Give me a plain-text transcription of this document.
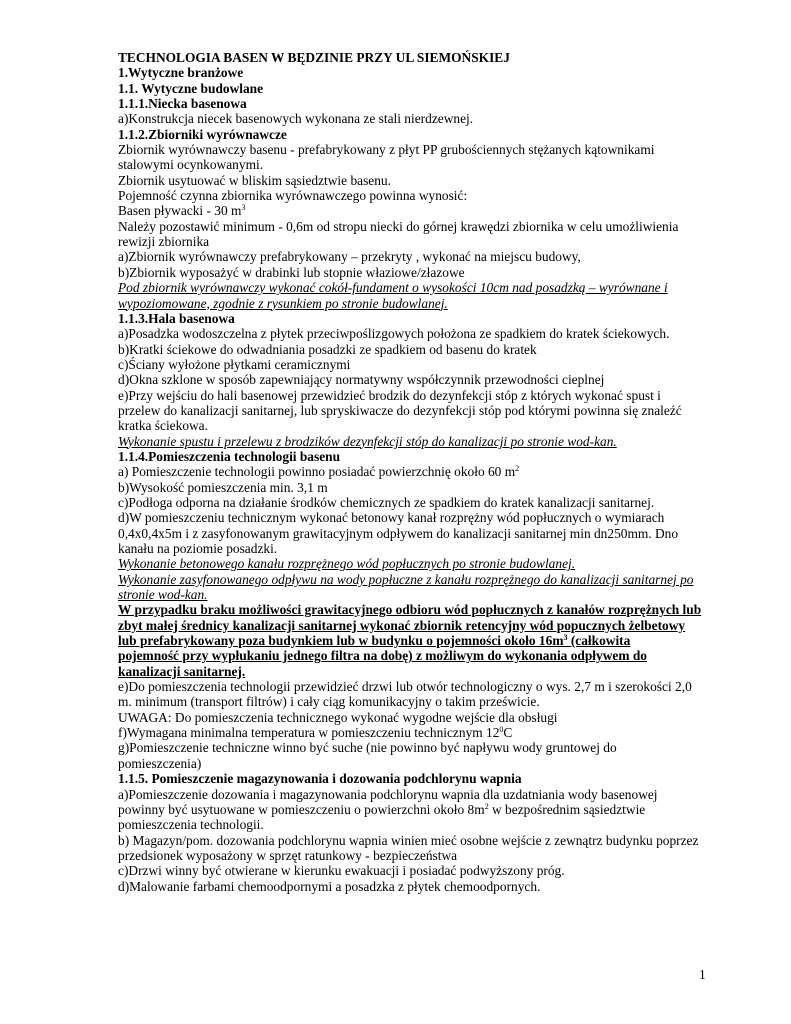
TECHNOLOGIA BASEN W BĘDZINIE PRZY UL SIEMOŃSKIEJ
1.Wytyczne branżowe
1.1. Wytyczne budowlane
1.1.1.Niecka basenowa
a)Konstrukcja niecek basenowych wykonana ze stali nierdzewnej.
1.1.2.Zbiorniki wyrównawcze
Zbiornik wyrównawczy basenu - prefabrykowany z płyt PP grubościennych stężanych kątownikami
stalowymi ocynkowanymi.
Zbiornik usytuować w bliskim sąsiedztwie basenu.
Pojemność czynna zbiornika wyrównawczego powinna wynosić:
Basen pływacki - 30 $m^3$
Należy pozostawić minimum - 0,6m od stropu niecki do górnej krawędzi zbiornika w celu umożliwienia
rewizji zbiornika
a)Zbiornik wyrównawczy prefabrykowany – przekryty , wykonać na miejscu budowy,
b)Zbiornik wyposażyć w drabinki lub stopnie właziowe/złazowe
Pod zbiornik wyrównawczy wykonać cokół-fundament o wysokości 10cm nad posadzką – wyrównane i
wypoziomowane, zgodnie z rysunkiem po stronie budowlanej.
1.1.3.Hala basenowa
a)Posadzka wodoszczelna z płytek przeciwpoślizgowych położona ze spadkiem do kratek ściekowych.
b)Kratki ściekowe do odwadniania posadzki ze spadkiem od basenu do kratek
c)Ściany wyłożone płytkami ceramicznymi
d)Okna szklone w sposób zapewniający normatywny współczynnik przewodności cieplnej
e)Przy wejściu do hali basenowej przewidzieć brodzik do dezynfekcji stóp z których wykonać spust i
przelew do kanalizacji sanitarnej, lub spryskiwacze do dezynfekcji stóp pod którymi powinna się znaleźć
kratka ściekowa.
Wykonanie spustu i przelewu z brodzików dezynfekcji stóp do kanalizacji po stronie wod-kan.
1.1.4.Pomieszczenia technologii basenu
a) Pomieszczenie technologii powinno posiadać powierzchnię około 60 $m^2$
b)Wysokość pomieszczenia min. 3,1 m
c)Podłoga odporna na działanie środków chemicznych ze spadkiem do kratek kanalizacji sanitarnej.
d)W pomieszczeniu technicznym wykonać betonowy kanał rozprężny wód popłucznych o wymiarach
0,4x0,4x5m i z zasyfonowanym grawitacyjnym odpływem do kanalizacji sanitarnej min dn250mm. Dno
kanału na poziomie posadzki.
Wykonanie betonowego kanału rozprężnego wód popłucznych po stronie budowlanej.
Wykonanie zasyfonowanego odpływu na wody popłuczne z kanału rozprężnego do kanalizacji sanitarnej po
stronie wod-kan.
W przypadku braku możliwości grawitacyjnego odbioru wód popłucznych z kanałów rozprężnych lub
zbyt małej średnicy kanalizacji sanitarnej wykonać zbiornik retencyjny wód popucznych żelbetowy
lub prefabrykowany poza budynkiem lub w budynku o pojemności około $16m^3$ (całkowita
pojemność przy wypłukaniu jednego filtra na dobę) z możliwym do wykonania odpływem do
kanalizacji sanitarnej.
e)Do pomieszczenia technologii przewidzieć drzwi lub otwór technologiczny o wys. 2,7 m i szerokości 2,0
m. minimum (transport filtrów) i cały ciąg komunikacyjny o takim prześwicie.
UWAGA: Do pomieszczenia technicznego wykonać wygodne wejście dla obsługi
f)Wymagana minimalna temperatura w pomieszczeniu technicznym $12^0C$
g)Pomieszczenie techniczne winno być suche (nie powinno być napływu wody gruntowej do
pomieszczenia)
1.1.5. Pomieszczenie magazynowania i dozowania podchlorynu wapnia
a)Pomieszczenie dozowania i magazynowania podchlorynu wapnia dla uzdatniania wody basenowej
powinny być usytuowane w pomieszczeniu o powierzchni około $8m^2$ w bezpośrednim sąsiedztwie
pomieszczenia technologii.
b) Magazyn/pom. dozowania podchlorynu wapnia winien mieć osobne wejście z zewnątrz budynku poprzez
przedsionek wyposażony w sprzęt ratunkowy - bezpieczeństwa
c)Drzwi winny być otwierane w kierunku ewakuacji i posiadać podwyższony próg.
d)Malowanie farbami chemoodpornymi a posadzka z płytek chemoodpornych.
1
